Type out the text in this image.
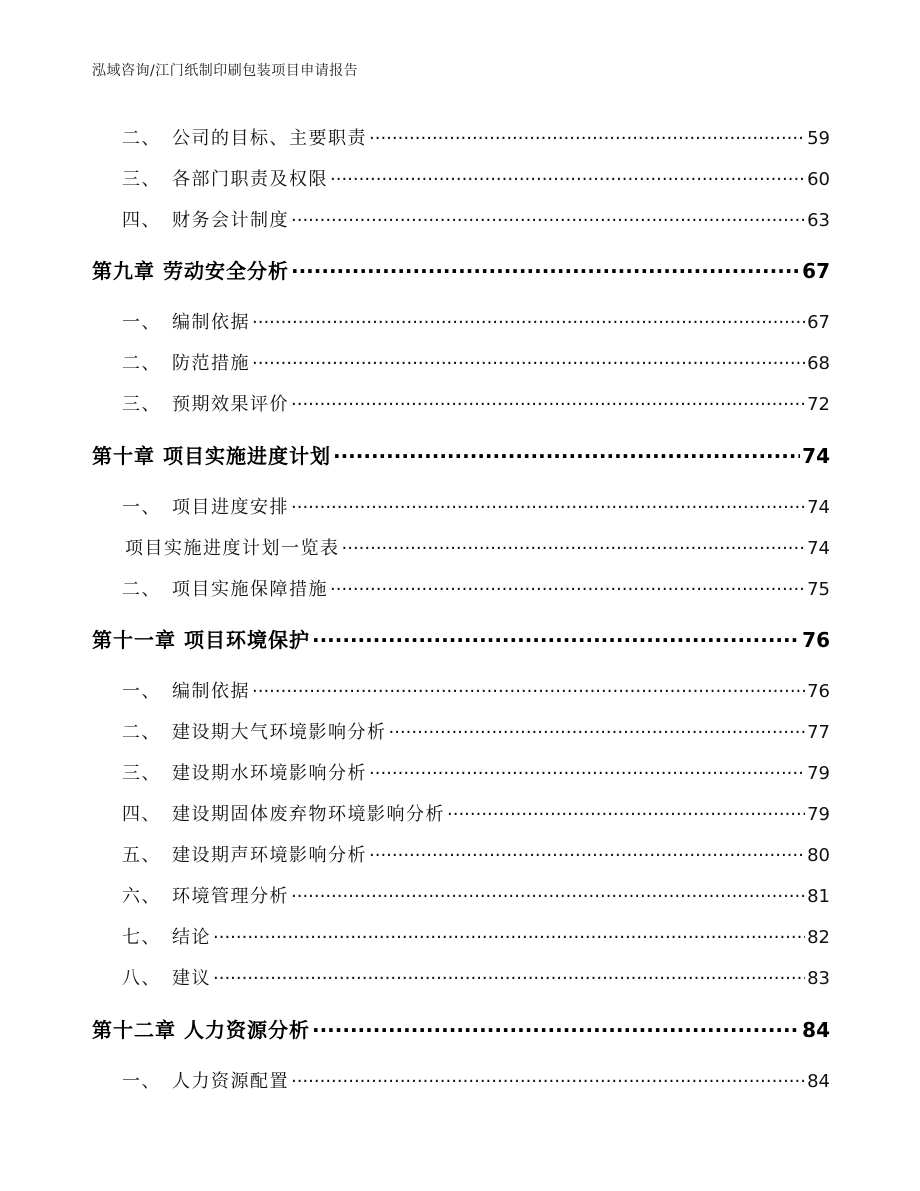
泓域咨询/江门纸制印刷包装项目申请报告
二、 公司的目标、主要职责 .....	59
三、 各部门职责及权限 .....	60
四、 财务会计制度 .....	63
第九章 劳动安全分析 .....	67
一、 编制依据 .....	67
二、 防范措施 .....	68
三、 预期效果评价 .....	72
第十章 项目实施进度计划 .....	74
一、 项目进度安排 .....	74
项目实施进度计划一览表 .....	74
二、 项目实施保障措施 .....	75
第十一章 项目环境保护 .....	76
一、 编制依据 .....	76
二、 建设期大气环境影响分析 .....	77
三、 建设期水环境影响分析 .....	79
四、 建设期固体废弃物环境影响分析 .....	79
五、 建设期声环境影响分析 .....	80
六、 环境管理分析 .....	81
七、 结论 .....	82
八、 建议 .....	83
第十二章 人力资源分析 .....	84
一、 人力资源配置 .....	84
